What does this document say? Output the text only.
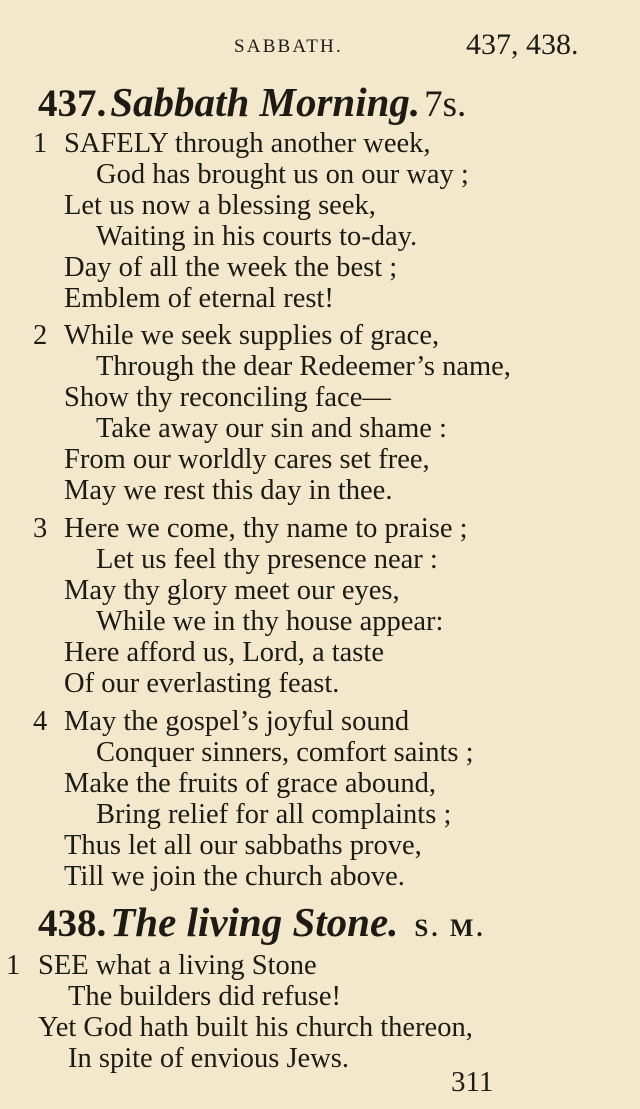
SABBATH.	437, 438.
437. Sabbath Morning. 7s.
1 SAFELY through another week,
God has brought us on our way ;
Let us now a blessing seek,
Waiting in his courts to-day.
Day of all the week the best ;
Emblem of eternal rest!
2 While we seek supplies of grace,
Through the dear Redeemer’s name,
Show thy reconciling face—
Take away our sin and shame :
From our worldly cares set free,
May we rest this day in thee.
3 Here we come, thy name to praise ;
Let us feel thy presence near :
May thy glory meet our eyes,
While we in thy house appear:
Here afford us, Lord, a taste
Of our everlasting feast.
4 May the gospel’s joyful sound
Conquer sinners, comfort saints ;
Make the fruits of grace abound,
Bring relief for all complaints ;
Thus let all our sabbaths prove,
Till we join the church above.
438. The living Stone. S. M.
1 SEE what a living Stone
The builders did refuse!
Yet God hath built his church thereon,
In spite of envious Jews.
311
